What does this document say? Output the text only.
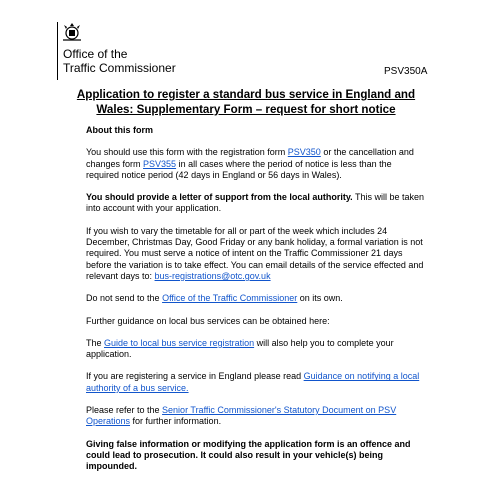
Office of the
Traffic Commissioner	PSV350A
Application to register a standard bus service in England and
Wales: Supplementary Form – request for short notice

About this form

You should use this form with the registration form PSV350 or the cancellation and changes form PSV355 in all cases where the period of notice is less than the required notice period (42 days in England or 56 days in Wales).

You should provide a letter of support from the local authority. This will be taken into account with your application.

If you wish to vary the timetable for all or part of the week which includes 24 December, Christmas Day, Good Friday or any bank holiday, a formal variation is not required. You must serve a notice of intent on the Traffic Commissioner 21 days before the variation is to take effect. You can email details of the service effected and relevant days to: bus-registrations@otc.gov.uk

Do not send to the Office of the Traffic Commissioner on its own.

Further guidance on local bus services can be obtained here:

The Guide to local bus service registration will also help you to complete your application.

If you are registering a service in England please read Guidance on notifying a local authority of a bus service.

Please refer to the Senior Traffic Commissioner's Statutory Document on PSV Operations for further information.

Giving false information or modifying the application form is an offence and could lead to prosecution. It could also result in your vehicle(s) being impounded.
